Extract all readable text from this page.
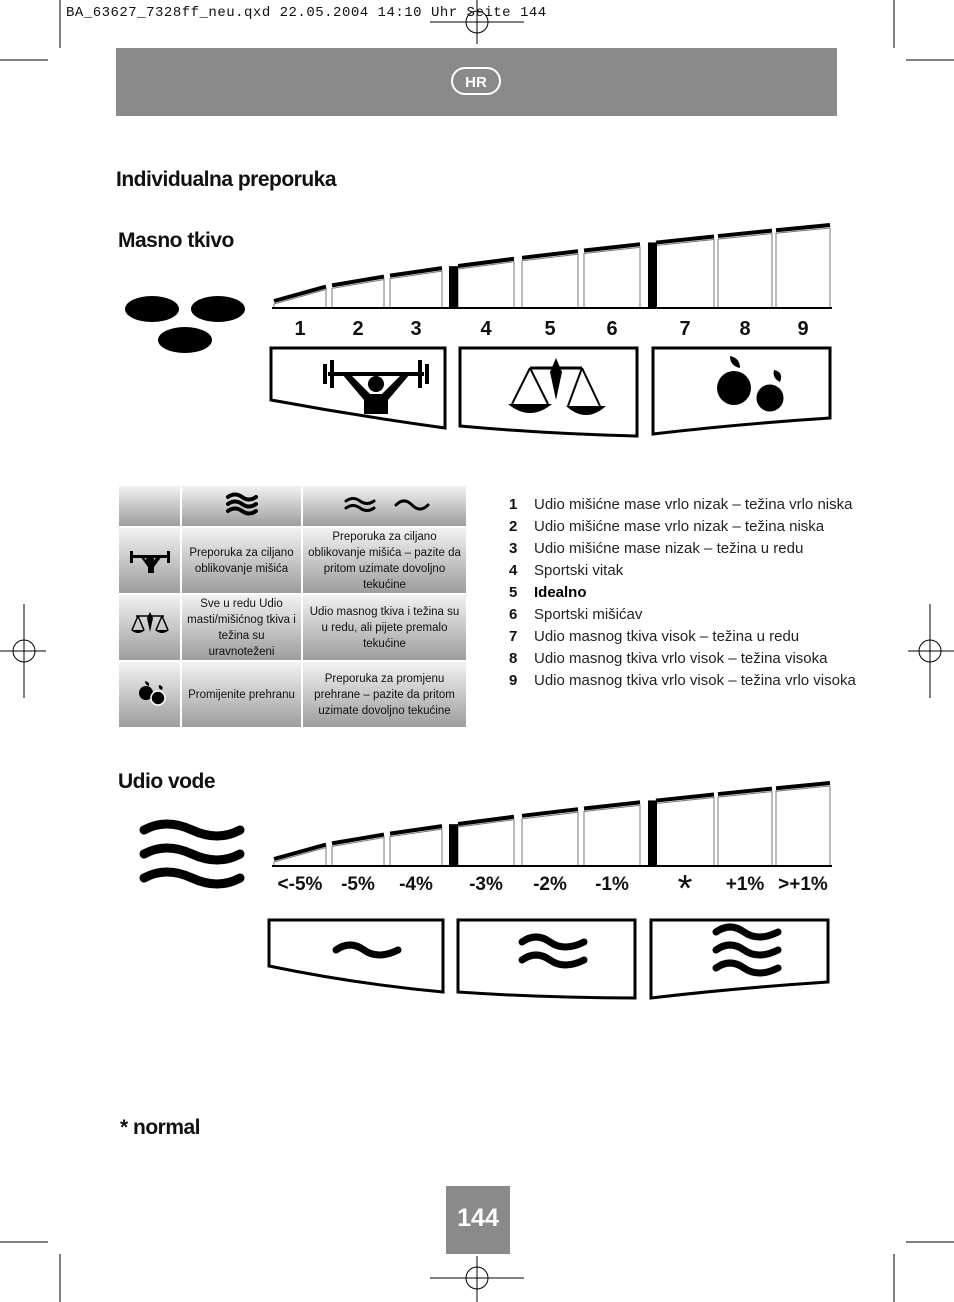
BA_63627_7328ff_neu.qxd 22.05.2004 14:10 Uhr Seite 144
HR
Individualna preporuka
Masno tkivo
1	2	3	4	5	6	7	8	9

	Preporuka za ciljano oblikovanje mišića	Preporuka za ciljano oblikovanje mišića – pazite da pritom uzimate dovoljno tekućine
	Sve u redu Udio masti/mišićnog tkiva i težina su uravnoteženi	Udio masnog tkiva i težina su u redu, ali pijete premalo tekućine
	Promijenite prehranu	Preporuka za promjenu prehrane – pazite da pritom uzimate dovoljno tekućine
1	Udio mišićne mase vrlo nizak – težina vrlo niska
2	Udio mišićne mase vrlo nizak – težina niska
3	Udio mišićne mase nizak – težina u redu
4	Sportski vitak
5	Idealno
6	Sportski mišićav
7	Udio masnog tkiva visok – težina u redu
8	Udio masnog tkiva vrlo visok – težina visoka
9	Udio masnog tkiva vrlo visok – težina vrlo visoka
Udio vode
<-5% -5%	-4%	-3%	-2%	-1%	*	+1% >+1%
* normal
144
